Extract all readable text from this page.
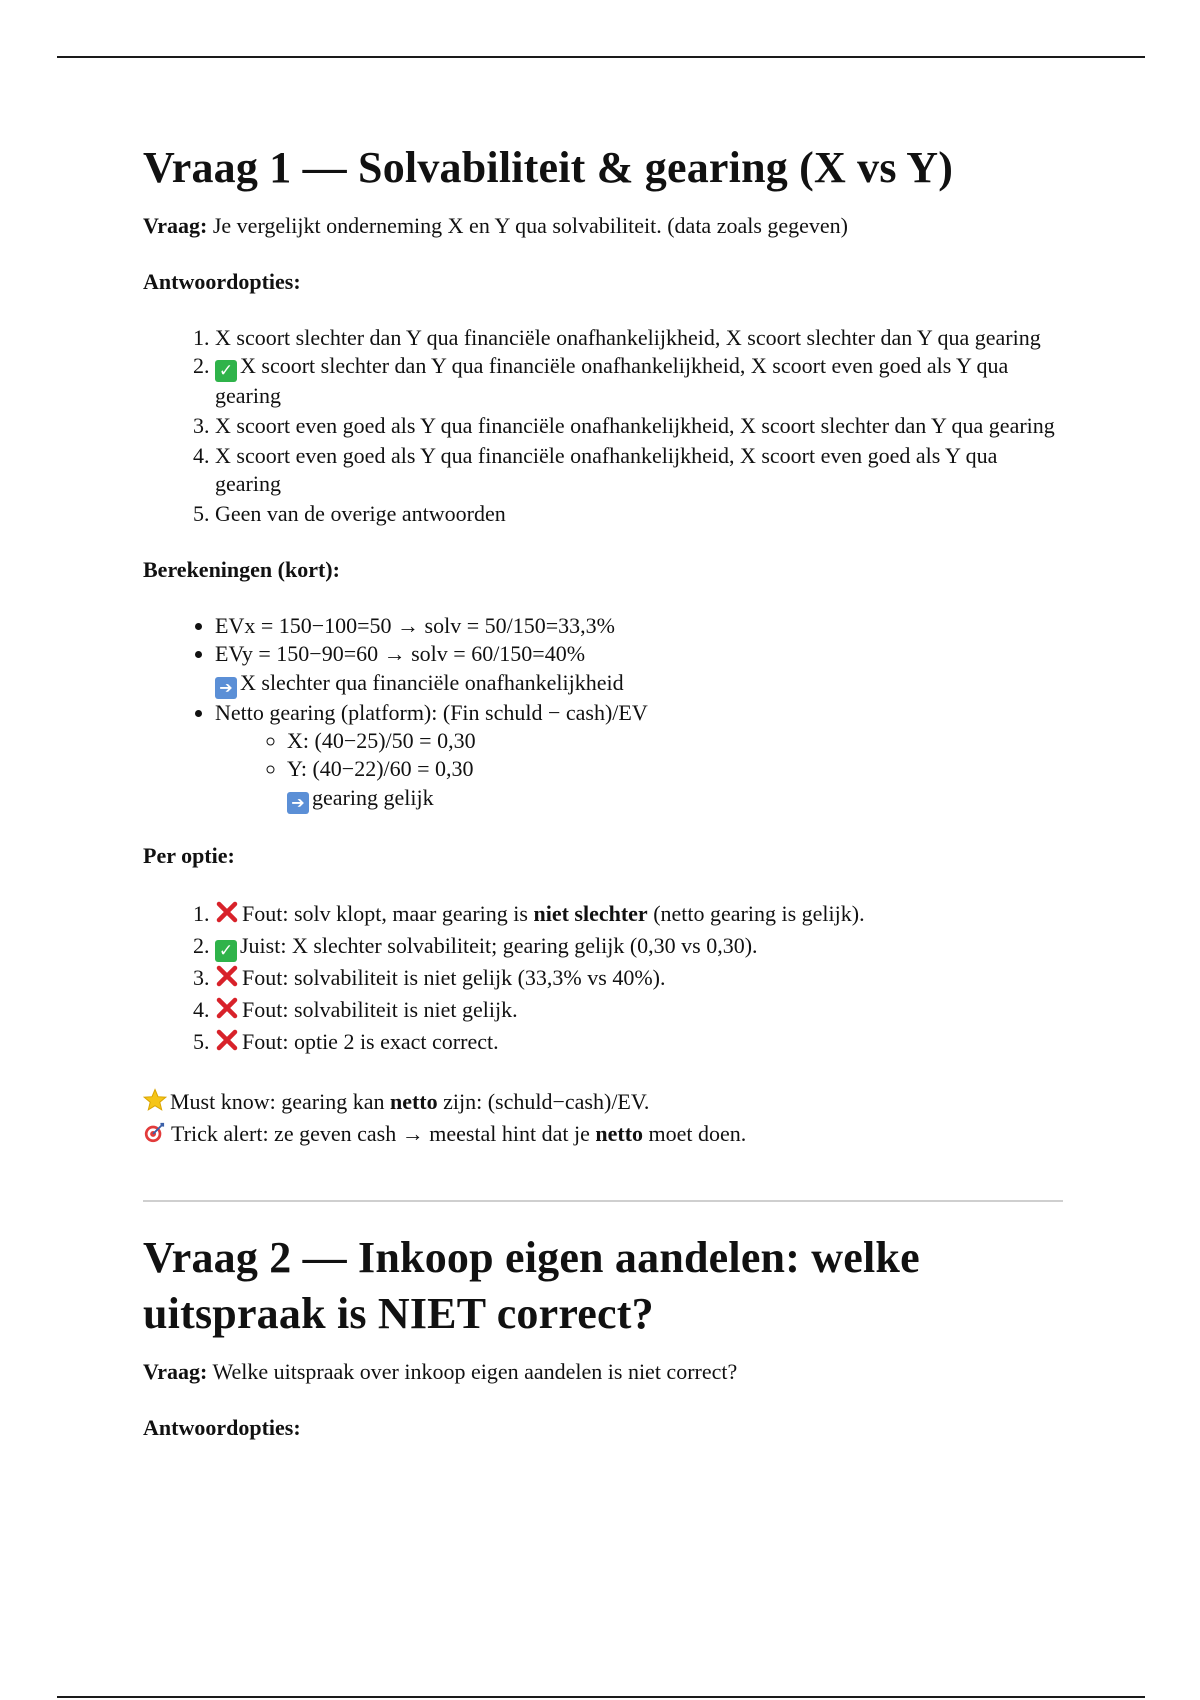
Vraag 1 — Solvabiliteit & gearing (X vs Y)

Vraag: Je vergelijkt onderneming X en Y qua solvabiliteit. (data zoals gegeven)

Antwoordopties:

1. X scoort slechter dan Y qua financiële onafhankelijkheid, X scoort slechter dan Y qua gearing
2. ✓ X scoort slechter dan Y qua financiële onafhankelijkheid, X scoort even goed als Y qua gearing
3. X scoort even goed als Y qua financiële onafhankelijkheid, X scoort slechter dan Y qua gearing
4. X scoort even goed als Y qua financiële onafhankelijkheid, X scoort even goed als Y qua gearing
5. Geen van de overige antwoorden

Berekeningen (kort):

• EVx = 150−100=50 → solv = 50/150=33,3%
• EVy = 150−90=60 → solv = 60/150=40%
➔ X slechter qua financiële onafhankelijkheid
• Netto gearing (platform): (Fin schuld − cash)/EV
◦ X: (40−25)/50 = 0,30
◦ Y: (40−22)/60 = 0,30
➔ gearing gelijk

Per optie:

1. Fout: solv klopt, maar gearing is niet slechter (netto gearing is gelijk).
2. ✓ Juist: X slechter solvabiliteit; gearing gelijk (0,30 vs 0,30).
3. Fout: solvabiliteit is niet gelijk (33,3% vs 40%).
4. Fout: solvabiliteit is niet gelijk.
5. Fout: optie 2 is exact correct.

Must know: gearing kan netto zijn: (schuld−cash)/EV.

Trick alert: ze geven cash → meestal hint dat je netto moet doen.

Vraag 2 — Inkoop eigen aandelen: welke uitspraak is NIET correct?

Vraag: Welke uitspraak over inkoop eigen aandelen is niet correct?

Antwoordopties:
